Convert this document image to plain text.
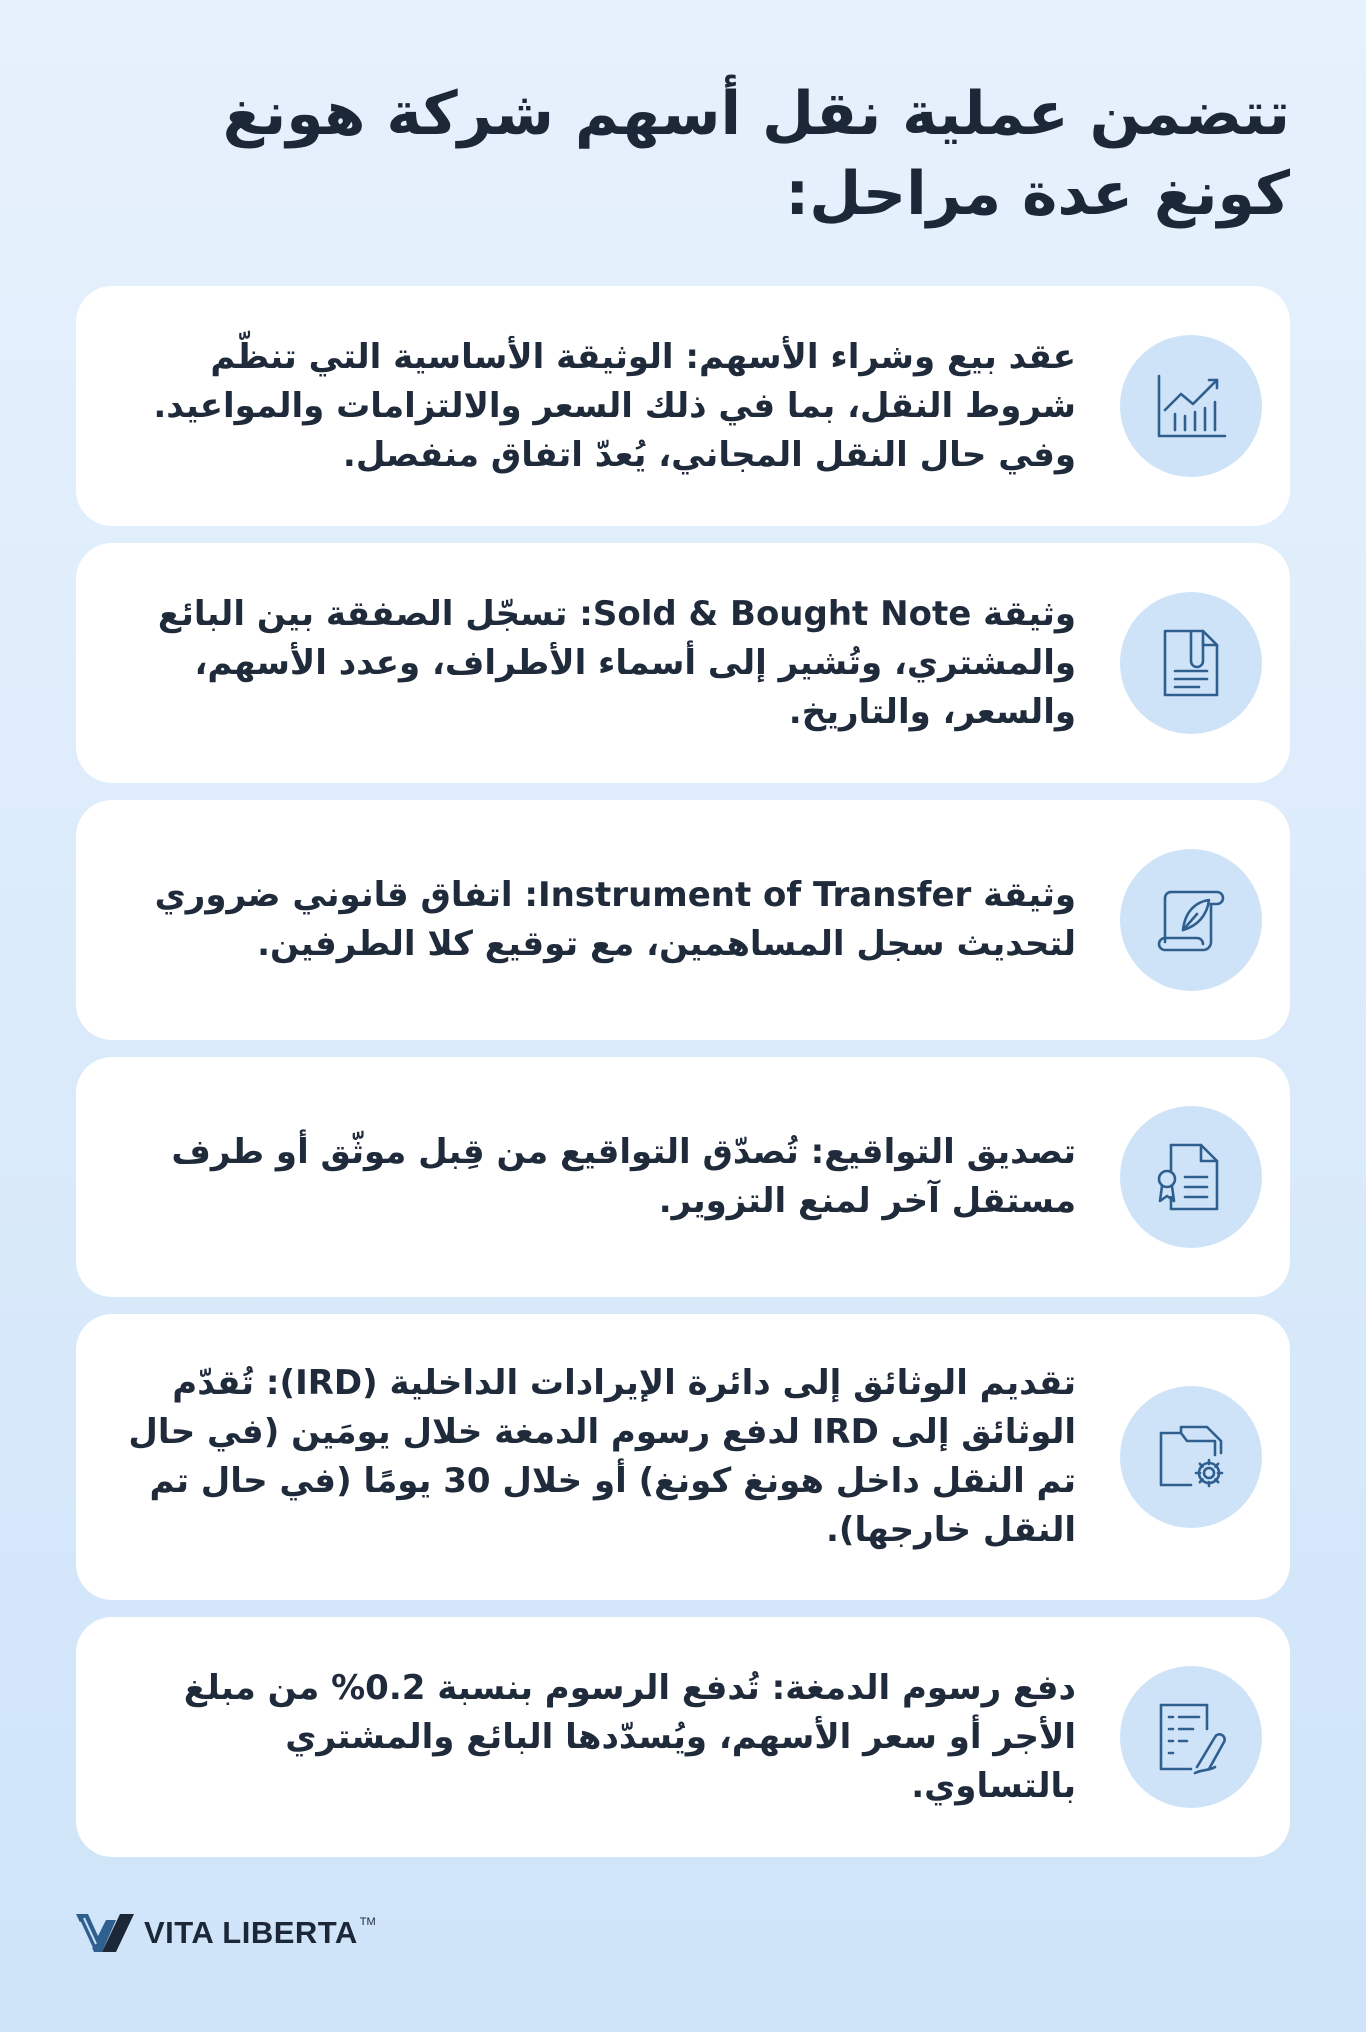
تتضمن عملية نقل أسهم شركة هونغ كونغ عدة مراحل:
عقد بيع وشراء الأسهم: الوثيقة الأساسية التي تنظّم شروط النقل، بما في ذلك السعر والالتزامات والمواعيد. وفي حال النقل المجاني، يُعدّ اتفاق منفصل.
وثيقة Sold & Bought Note: تسجّل الصفقة بين البائع والمشتري، وتُشير إلى أسماء الأطراف، وعدد الأسهم، والسعر، والتاريخ.
وثيقة Instrument of Transfer: اتفاق قانوني ضروري لتحديث سجل المساهمين، مع توقيع كلا الطرفين.
تصديق التواقيع: تُصدّق التواقيع من قِبل موثّق أو طرف مستقل آخر لمنع التزوير.
تقديم الوثائق إلى دائرة الإيرادات الداخلية (IRD): تُقدّم الوثائق إلى IRD لدفع رسوم الدمغة خلال يومَين (في حال تم النقل داخل هونغ كونغ) أو خلال 30 يومًا (في حال تم النقل خارجها).
دفع رسوم الدمغة: تُدفع الرسوم بنسبة 0.2% من مبلغ الأجر أو سعر الأسهم، ويُسدّدها البائع والمشتري بالتساوي.
VITA LIBERTA TM
